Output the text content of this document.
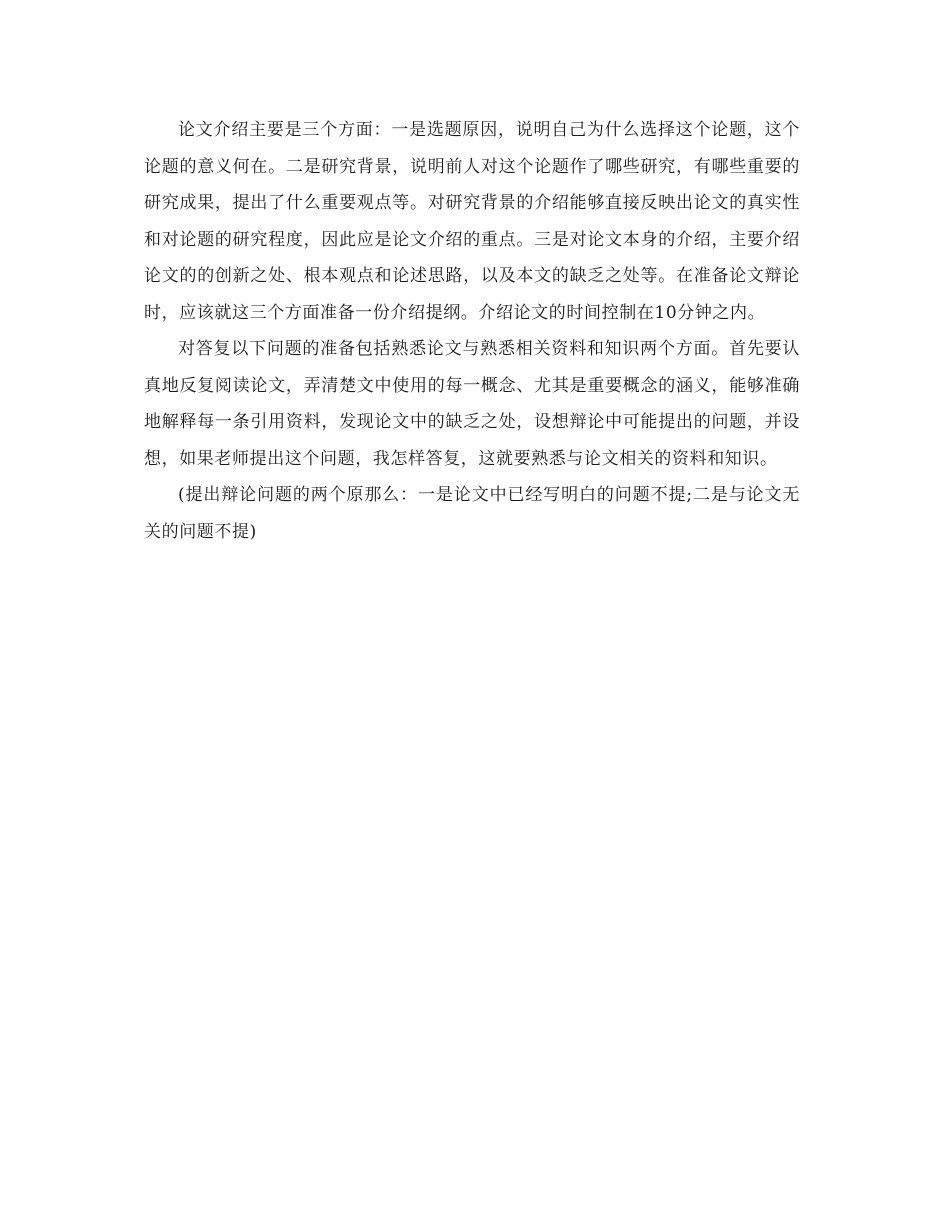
论文介绍主要是三个方面：一是选题原因，说明自己为什么选择这个论题，这个论题的意义何在。二是研究背景，说明前人对这个论题作了哪些研究，有哪些重要的研究成果，提出了什么重要观点等。对研究背景的介绍能够直接反映出论文的真实性和对论题的研究程度，因此应是论文介绍的重点。三是对论文本身的介绍，主要介绍论文的的创新之处、根本观点和论述思路，以及本文的缺乏之处等。在准备论文辩论时，应该就这三个方面准备一份介绍提纲。介绍论文的时间控制在10分钟之内。

对答复以下问题的准备包括熟悉论文与熟悉相关资料和知识两个方面。首先要认真地反复阅读论文，弄清楚文中使用的每一概念、尤其是重要概念的涵义，能够准确地解释每一条引用资料，发现论文中的缺乏之处，设想辩论中可能提出的问题，并设想，如果老师提出这个问题，我怎样答复，这就要熟悉与论文相关的资料和知识。

(提出辩论问题的两个原那么：一是论文中已经写明白的问题不提;二是与论文无关的问题不提)
